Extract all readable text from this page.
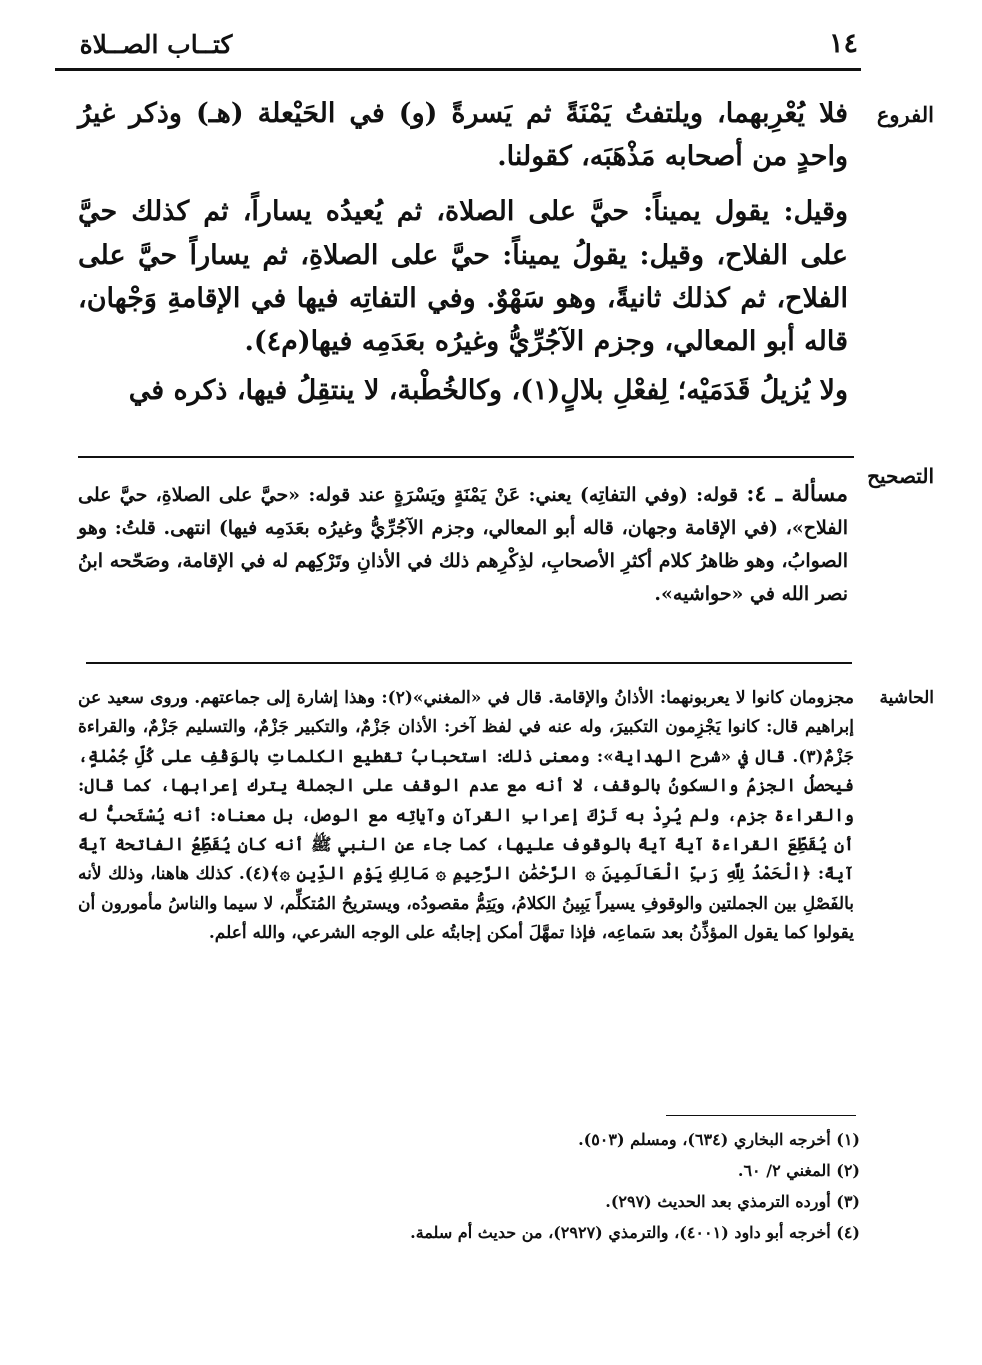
١٤
كتــاب الصــلاة
الفروع

فلا يُعْرِبهما، ويلتفتُ يَمْنَةً ثم يَسرةً (و) في الحَيْعلة (هـ) وذكر غيرُ واحدٍ من أصحابه مَذْهَبَه، كقولنا.

وقيل: يقول يميناً: حيَّ على الصلاة، ثم يُعيدُه يساراً، ثم كذلك حيَّ على الفلاح، وقيل: يقولُ يميناً: حيَّ على الصلاةِ، ثم يساراً حيَّ على الفلاح، ثم كذلك ثانيةً، وهو سَهْوٌ. وفي التفاتِه فيها في الإقامةِ وَجْهان، قاله أبو المعالي، وجزم الآجُرِّيُّ وغيرُه بعَدَمِه فيها(م٤).

ولا يُزيلُ قَدَمَيْه؛ لِفعْلِ بلالٍ(١)، وكالخُطْبة، لا ينتقِلُ فيها، ذكره في

التصحيح

مسألة ـ ٤: قوله: (وفي التفاتِه) يعني: عَنْ يَمْنَةٍ ويَسْرَةٍ عند قوله: «حيَّ على الصلاةِ، حيَّ على الفلاح»، (في الإقامة وجهان، قاله أبو المعالي، وجزم الآجُرِّيُّ وغيرُه بعَدَمِه فيها) انتهى. قلتُ: وهو الصوابُ، وهو ظاهرُ كلام أكثرِ الأصحابِ، لذِكْرِهم ذلك في الأذانِ وتَرْكِهم له في الإقامة، وصَحّحه ابنُ نصر الله في «حواشيه».

الحاشية

مجزومان كانوا لا يعربونهما: الأذانُ والإقامة. قال في «المغني»(٢): وهذا إشارة إلى جماعتهم. وروى سعيد عن إبراهيم قال: كانوا يَجْزِمون التكبيرَ، وله عنه في لفظ آخر: الأذان جَزْمٌ، والتكبير جَزْمٌ، والتسليم جَزْمٌ، والقراءة جَزْمٌ(٣). قال في «شرح الهداية»: ومعنى ذلك: استحبابُ تقطيع الكلماتِ بالوَقْفِ على كُلِّ جُمْلةٍ، فيحصلُ الجزمُ والسكونُ بالوقف، لا أنه مع عدم الوقف على الجملة يترك إعرابها، كما قال: والقراءة جزم، ولم يُرِدْ به تَرْكَ إعرابِ القرآن وآياتِه مع الوصل، بل معناه: أنه يُسْتَحبُّ له أن يُقَطِّعَ القراءة آيةً آيةً بالوقوف عليها، كما جاء عن النبي ﷺ أنه كان يُقَطِّعُ الفاتحة آيةً آيةً: ﴿الْحَمْدُ لِلَّهِ رَبِّ الْعَالَمِينَ ۞ الرَّحْمَٰنِ الرَّحِيمِ ۞ مَالِكِ يَوْمِ الدِّينِ ۞﴾(٤). كذلك هاهنا، وذلك لأنه بالفَصْلِ بين الجملتين والوقوفِ يسيراً يَبِينُ الكلامُ، ويَتِمُّ مقصودُه، ويستريحُ المُتكلِّم، لا سيما والناسُ مأمورون أن يقولوا كما يقول المؤذِّنُ بعد سَماعِه، فإذا تمهَّلَ أمكن إجابتُه على الوجه الشرعي، والله أعلم.

(١) أخرجه البخاري (٦٣٤)، ومسلم (٥٠٣).
(٢) المغني ٢/ ٦٠.
(٣) أورده الترمذي بعد الحديث (٢٩٧).
(٤) أخرجه أبو داود (٤٠٠١)، والترمذي (٢٩٢٧)، من حديث أم سلمة.
